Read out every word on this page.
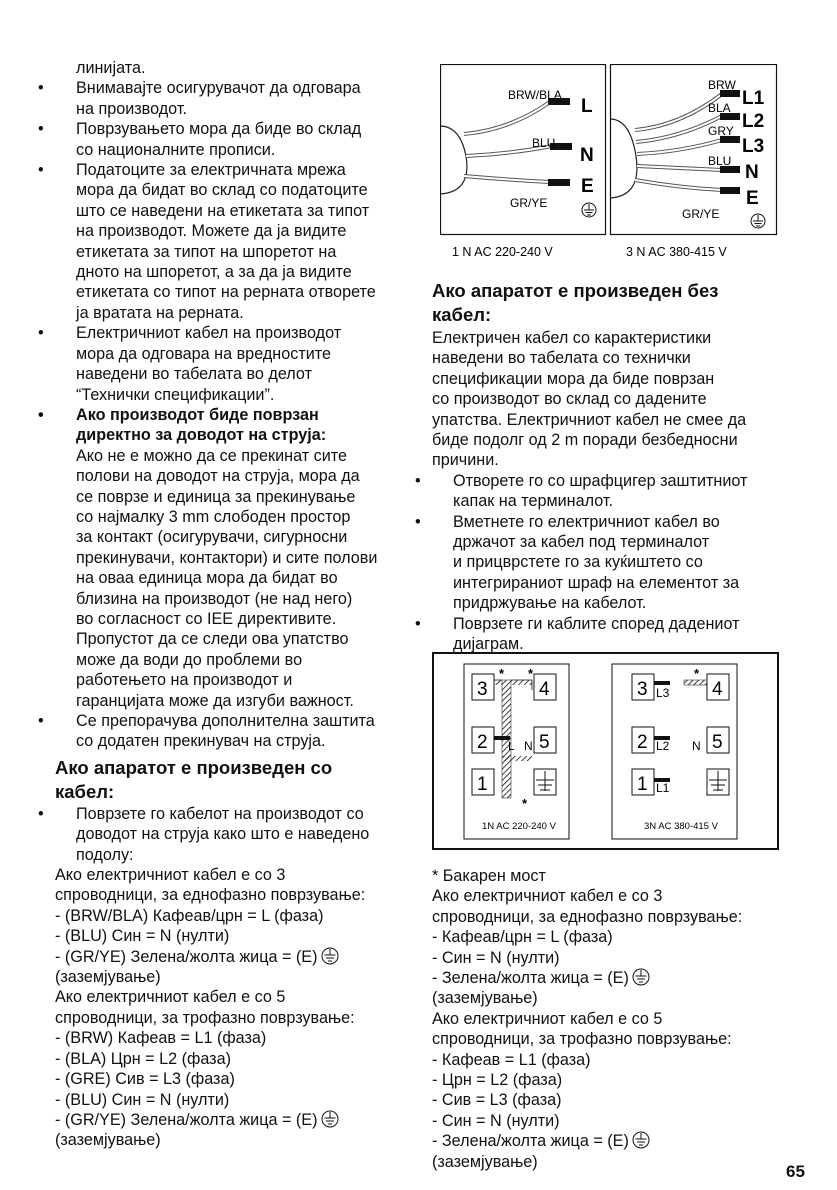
линијата.
• Внимавајте осигурувачот да одговара
на производот.
• Поврзувањето мора да биде во склад
со националните прописи.
• Податоците за електричната мрежа
мора да бидат во склад со податоците
што се наведени на етикетата за типот
на производот. Можете да ја видите
етикетата за типот на шпоретот на
дното на шпоретот, а за да ја видите
етикетата со типот на рерната отворете
ја вратата на рерната.
• Електричниот кабел на производот
мора да одговара на вредностите
наведени во табелата во делот
“Технички спецификации”.
• Ако производот биде поврзан
директно за доводот на струја:
Ако не е можно да се прекинат сите
полови на доводот на струја, мора да
се поврзе и единица за прекинување
со најмалку 3 mm слободен простор
за контакт (осигурувачи, сигурносни
прекинувачи, контактори) и сите полови
на оваа единица мора да бидат во
близина на производот (не над него)
во согласност со IEE директивите.
Пропустот да се следи ова упатство
може да води до проблеми во
работењето на производот и
гаранцијата може да изгуби важност.
• Се препорачува дополнителна заштита
со додатен прекинувач на струја.
Ако апаратот е произведен со
кабел:
• Поврзете го кабелот на производот со
доводот на струја како што е наведено
подолу:
Ако електричниот кабел е со 3
спроводници, за еднофазно поврзување:
- (BRW/BLA) Кафеав/црн = L (фаза)
- (BLU) Син = N (нулти)
- (GR/YE) Зелена/жолта жица = (E)
(заземјување)
Ако електричниот кабел е со 5
спроводници, за трофазно поврзување:
- (BRW) Кафеав = L1 (фаза)
- (BLA) Црн = L2 (фаза)
- (GRE) Сив = L3 (фаза)
- (BLU) Син = N (нулти)
- (GR/YE) Зелена/жолта жица = (E)
(заземјување)
BRW/BLA
BLU
GR/YE
L
N
E
1 N AC 220-240 V
BRW
BLA
GRY
BLU
GR/YE
L1
L2
L3
N
E
3 N AC 380-415 V
Ако апаратот е произведен без
кабел:
Електричен кабел со карактеристики
наведени во табелата со технички
спецификации мора да биде поврзан
со производот во склад со дадените
упатства. Електричниот кабел не смее да
биде подолг од 2 m поради безбедносни
причини.
• Отворете го со шрафцигер заштитниот
капак на терминалот.
• Вметнете го електричниот кабел во
држачот за кабел под терминалот
и прицврстете го за куќиштето со
интегрираниот шраф на елементот за
придржување на кабелот.
• Поврзете ги каблите според дадениот
дијаграм.
3	4
2	5
1
L N
* *
*
1N AC 220-240 V
3	4
2	5
1
L3
L2 N
L1
*
3N AC 380-415 V
* Бакарен мост
Ако електричниот кабел е со 3
спроводници, за еднофазно поврзување:
- Кафеав/црн = L (фаза)
- Син = N (нулти)
- Зелена/жолта жица = (E)
(заземјување)
Ако електричниот кабел е со 5
спроводници, за трофазно поврзување:
- Кафеав = L1 (фаза)
- Црн = L2 (фаза)
- Сив = L3 (фаза)
- Син = N (нулти)
- Зелена/жолта жица = (E)
(заземјување)
65
